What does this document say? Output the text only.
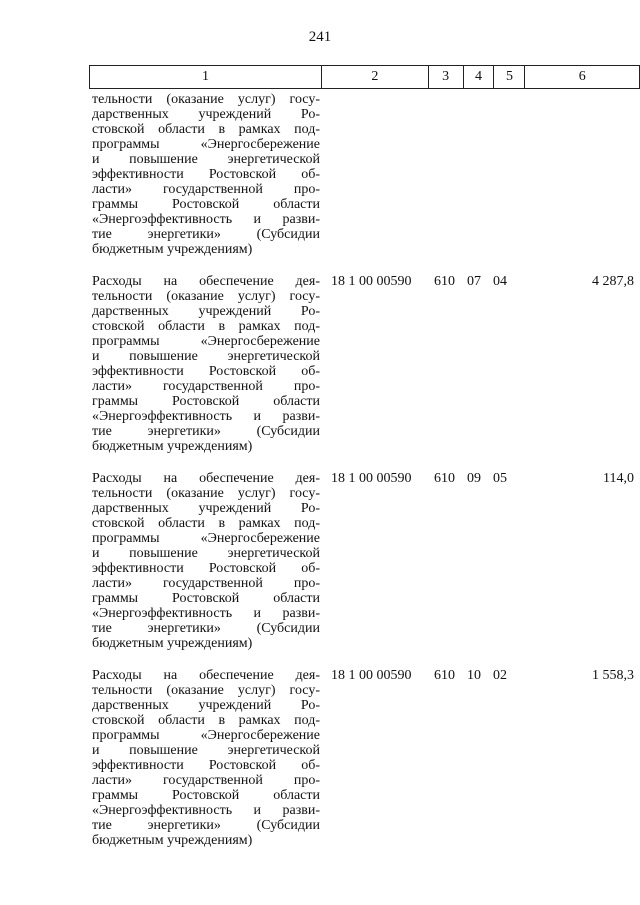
241
1	2	3	4	5	6
тельности (оказание услуг) госу-
дарственных учреждений Ро-
стовской области в рамках под-
программы «Энергосбережение
и повышение энергетической
эффективности Ростовской об-
ласти» государственной про-
граммы Ростовской области
«Энергоэффективность и разви-
тие энергетики» (Субсидии
бюджетным учреждениям)
Расходы на обеспечение дея-
тельности (оказание услуг) госу-
дарственных учреждений Ро-
стовской области в рамках под-
программы «Энергосбережение
и повышение энергетической
эффективности Ростовской об-
ласти» государственной про-
граммы Ростовской области
«Энергоэффективность и разви-
тие энергетики» (Субсидии
бюджетным учреждениям)
18 1 00 00590 610 07 04	4 287,8
Расходы на обеспечение дея-
тельности (оказание услуг) госу-
дарственных учреждений Ро-
стовской области в рамках под-
программы «Энергосбережение
и повышение энергетической
эффективности Ростовской об-
ласти» государственной про-
граммы Ростовской области
«Энергоэффективность и разви-
тие энергетики» (Субсидии
бюджетным учреждениям)
18 1 00 00590 610 09 05	114,0
Расходы на обеспечение дея-
тельности (оказание услуг) госу-
дарственных учреждений Ро-
стовской области в рамках под-
программы «Энергосбережение
и повышение энергетической
эффективности Ростовской об-
ласти» государственной про-
граммы Ростовской области
«Энергоэффективность и разви-
тие энергетики» (Субсидии
бюджетным учреждениям)
18 1 00 00590 610 10 02	1 558,3
